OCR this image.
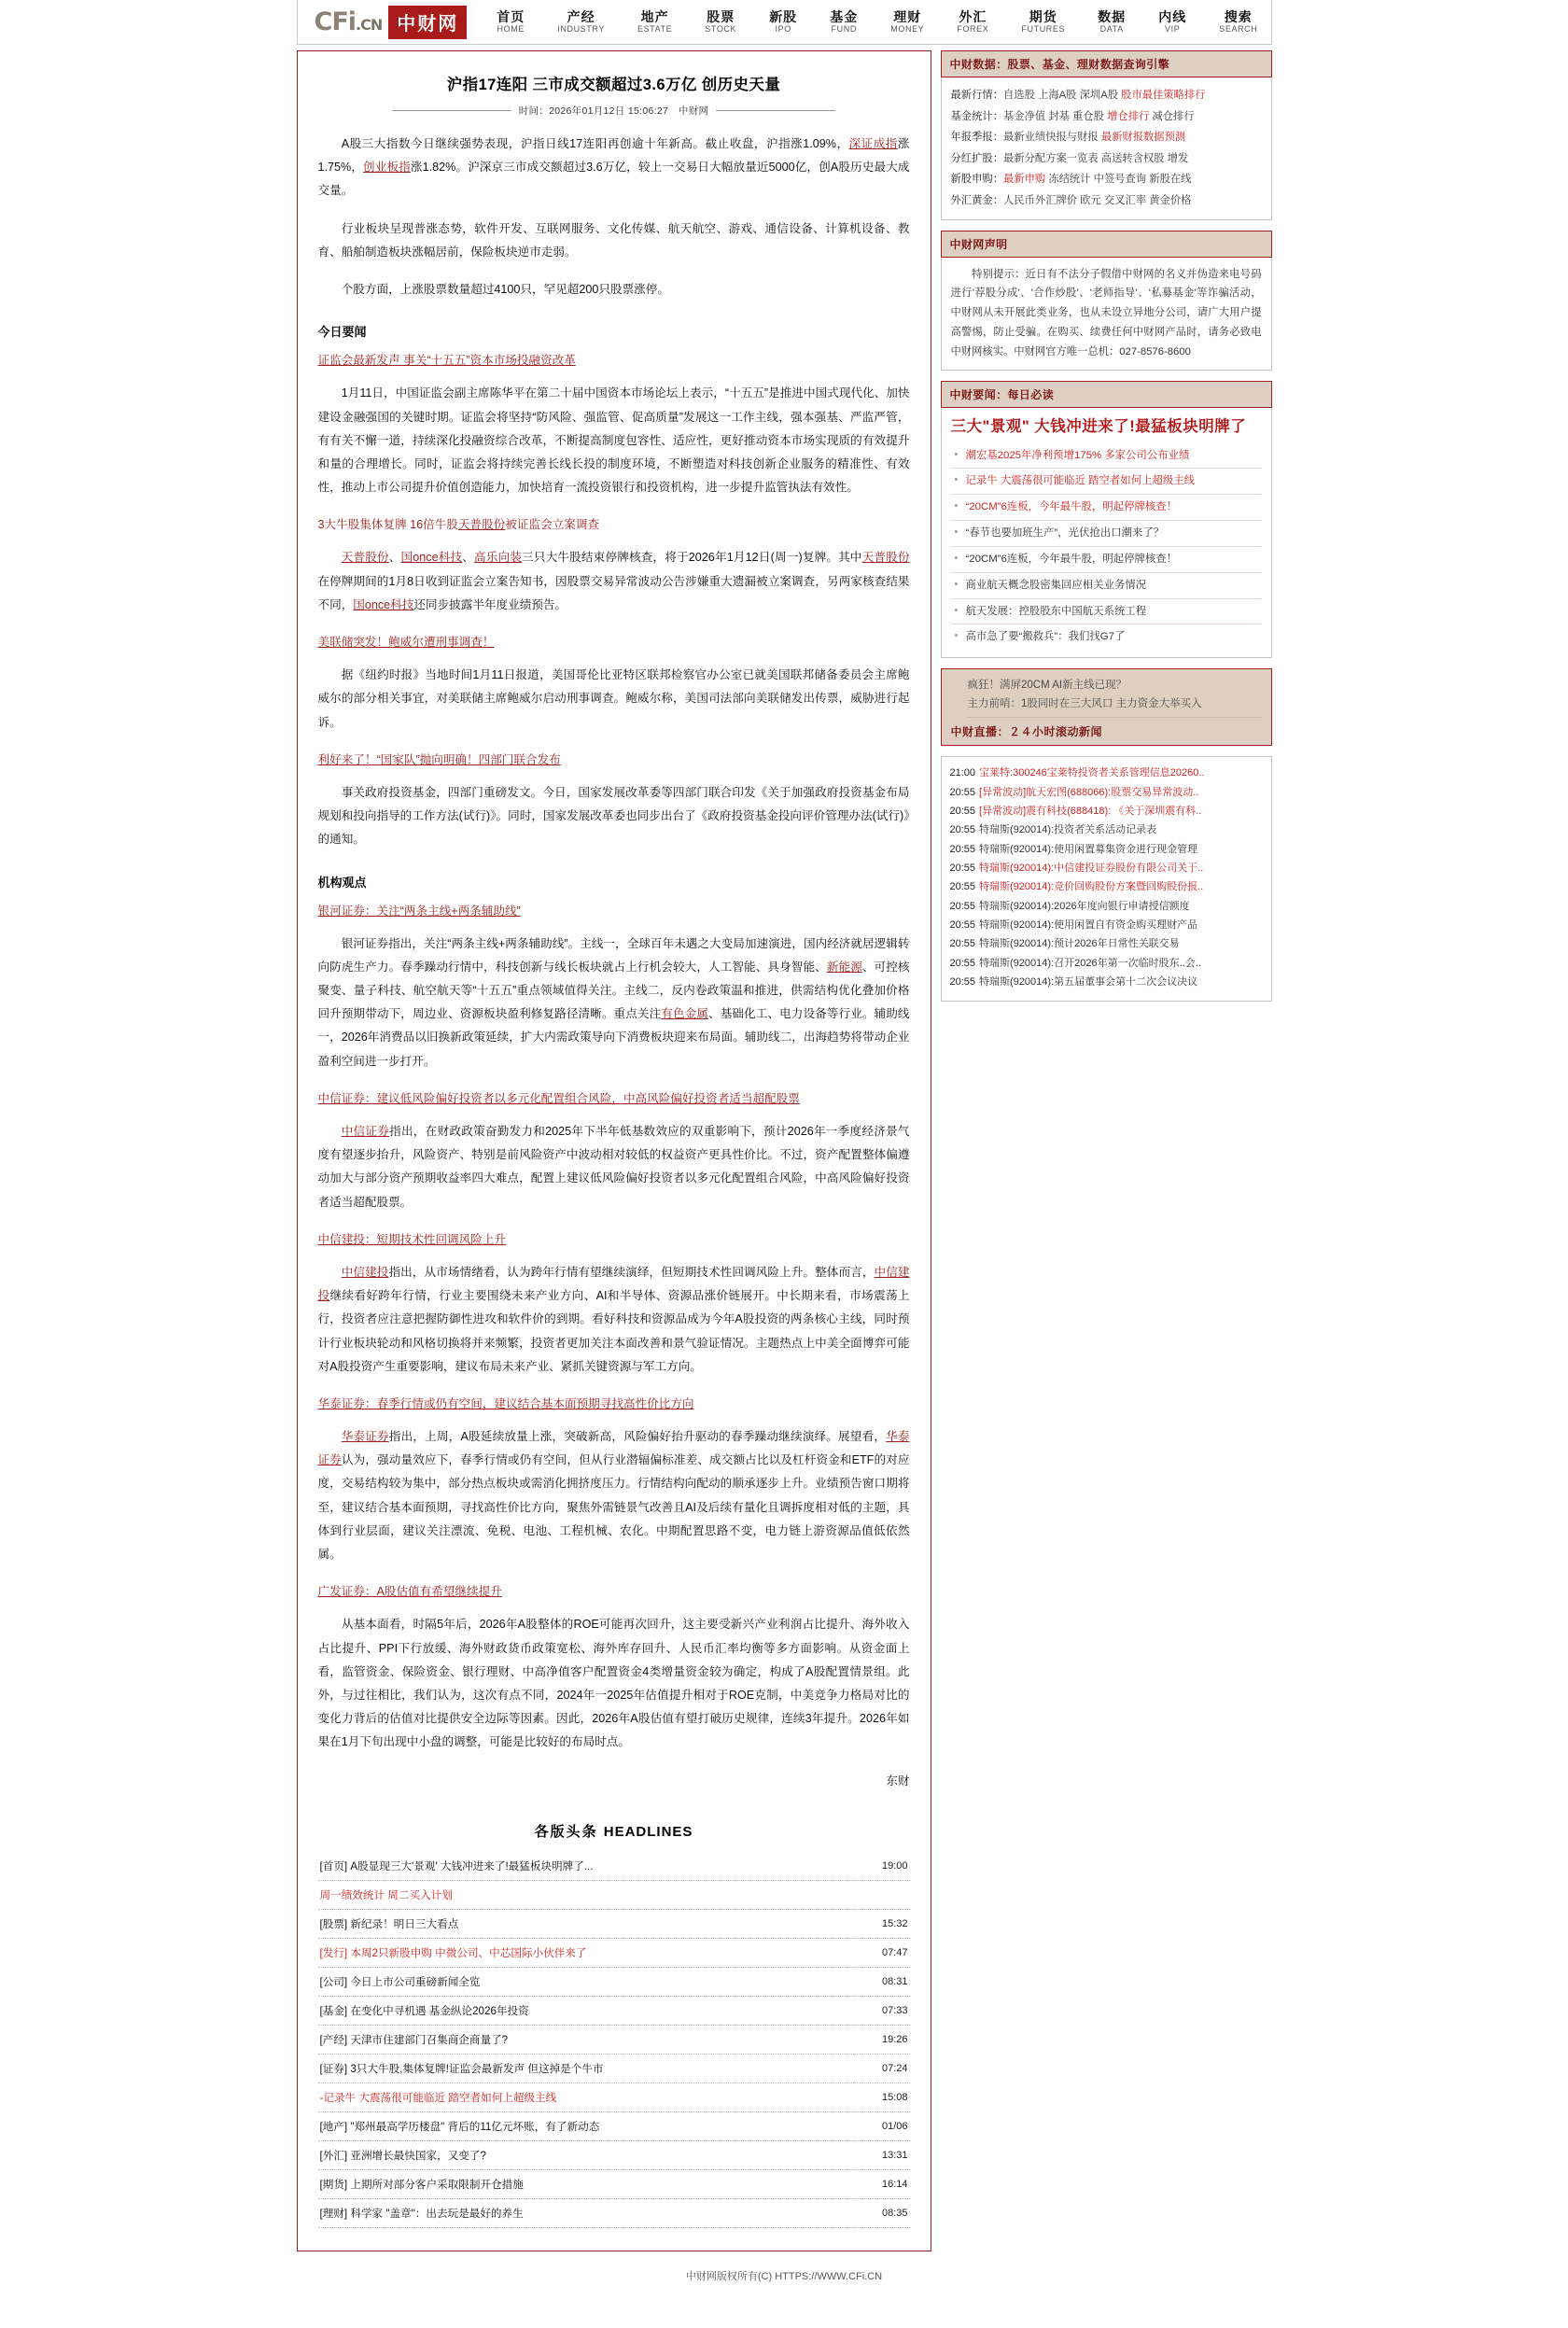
CFi.CN 中财网	首页
HOME
产经
INDUSTRY
地产
ESTATE
股票
STOCK
新股
IPO
基金
FUND
理财
MONEY
外汇
FOREX
期货
FUTURES
数据
DATA
内线
VIP
搜索
SEARCH
沪指17连阳 三市成交额超过3.6万亿 创历史天量
时间：2026年01月12日 15:06:27　中财网

A股三大指数今日继续强势表现，沪指日线17连阳再创逾十年新高。截止收盘，沪指涨1.09%，深证成指涨1.75%，创业板指涨1.82%。沪深京三市成交额超过3.6万亿，较上一交易日大幅放量近5000亿，创A股历史最大成交量。

行业板块呈现普涨态势，软件开发、互联网服务、文化传媒、航天航空、游戏、通信设备、计算机设备、教育、船舶制造板块涨幅居前，保险板块逆市走弱。

个股方面，上涨股票数量超过4100只，罕见超200只股票涨停。

今日要闻

证监会最新发声 事关“十五五”资本市场投融资改革

1月11日，中国证监会副主席陈华平在第二十届中国资本市场论坛上表示，“十五五”是推进中国式现代化、加快建设金融强国的关键时期。证监会将坚持“防风险、强监管、促高质量”发展这一工作主线，强本强基、严监严管，有有关不懈一道，持续深化投融资综合改革，不断提高制度包容性、适应性，更好推动资本市场实现质的有效提升和量的合理增长。同时，证监会将持续完善长线长投的制度环境，不断塑造对科技创新企业服务的精准性、有效性，推动上市公司提升价值创造能力，加快培育一流投资银行和投资机构，进一步提升监管执法有效性。

3大牛股集体复牌 16倍牛股天普股份被证监会立案调查

天普股份、国once科技、高乐向装三只大牛股结束停牌核查，将于2026年1月12日(周一)复牌。其中天普股份在停牌期间的1月8日收到证监会立案告知书，因股票交易异常波动公告涉嫌重大遗漏被立案调查，另两家核查结果不同，国once科技还同步披露半年度业绩预告。

美联储突发！鲍威尔遭刑事调查！

据《纽约时报》当地时间1月11日报道，美国哥伦比亚特区联邦检察官办公室已就美国联邦储备委员会主席鲍威尔的部分相关事宜，对美联储主席鲍威尔启动刑事调查。鲍威尔称，美国司法部向美联储发出传票，威胁进行起诉。

利好来了！“国家队”抛向明确！四部门联合发布

事关政府投资基金，四部门重磅发文。今日，国家发展改革委等四部门联合印发《关于加强政府投资基金布局规划和投向指导的工作方法(试行)》。同时，国家发展改革委也同步出台了《政府投资基金投向评价管理办法(试行)》的通知。

机构观点

银河证券：关注“两条主线+两条辅助线”

银河证券指出，关注“两条主线+两条辅助线”。主线一，全球百年未遇之大变局加速演进，国内经济就居逻辑转向防虎生产力。春季躁动行情中，科技创新与线长板块就占上行机会较大，人工智能、具身智能、新能源、可控核聚变、量子科技、航空航天等“十五五”重点领域值得关注。主线二，反内卷政策温和推进，供需结构优化叠加价格回升预期带动下，周边业、资源板块盈利修复路径清晰。重点关注有色金属、基础化工、电力设备等行业。辅助线一，2026年消费品以旧换新政策延续，扩大内需政策导向下消费板块迎来布局面。辅助线二，出海趋势将带动企业盈利空间进一步打开。

中信证券：建议低风险偏好投资者以多元化配置组合风险，中高风险偏好投资者适当超配股票

中信证券指出，在财政政策奋勤发力和2025年下半年低基数效应的双重影响下，预计2026年一季度经济景气度有望逐步抬升，风险资产、特别是前风险资产中波动相对较低的权益资产更具性价比。不过，资产配置整体偏遵动加大与部分资产预期收益率四大难点，配置上建议低风险偏好投资者以多元化配置组合风险，中高风险偏好投资者适当超配股票。

中信建投：短期技术性回调风险上升

中信建投指出，从市场情绪看，认为跨年行情有望继续演绎，但短期技术性回调风险上升。整体而言，中信建投继续看好跨年行情，行业主要围绕未来产业方向、AI和半导体、资源品涨价链展开。中长期来看，市场震荡上行，投资者应注意把握防御性进攻和软件价的到期。看好科技和资源品成为今年A股投资的两条核心主线，同时预计行业板块轮动和风格切换将并来频繁，投资者更加关注本面改善和景气验证情况。主题热点上中美全面博弈可能对A股投资产生重要影响，建议布局未来产业、紧抓关键资源与军工方向。

华泰证券：春季行情或仍有空间，建议结合基本面预期寻找高性价比方向

华泰证券指出，上周，A股延续放量上涨，突破新高，风险偏好抬升驱动的春季躁动继续演绎。展望看，华泰证券认为，强动量效应下，春季行情或仍有空间，但从行业潜辐偏标准差、成交额占比以及杠杆资金和ETF的对应度，交易结构较为集中，部分热点板块或需消化拥挤度压力。行情结构向配动的顺承逐步上升。业绩预告窗口期将至，建议结合基本面预期，寻找高性价比方向，聚焦外需链景气改善且AI及后续有量化且调拆度相对低的主题，具体到行业层面，建议关注漂流、免税、电池、工程机械、农化。中期配置思路不变，电力链上游资源品值低依然属。

广发证券：A股估值有希望继续提升

从基本面看，时隔5年后，2026年A股整体的ROE可能再次回升，这主要受新兴产业利润占比提升、海外收入占比提升、PPI下行放缓、海外财政货币政策宽松、海外库存回升、人民币汇率均衡等多方面影响。从资金面上看，监管资金、保险资金、银行理财、中高净值客户配置资金4类增量资金较为确定，构成了A股配置情景组。此外，与过往相比，我们认为，这次有点不同，2024年一2025年估值提升相对于ROE克制，中美竞争力格局对比的变化力背后的估值对比提供安全边际等因素。因此，2026年A股估值有望打破历史规律，连续3年提升。2026年如果在1月下旬出现中小盘的调整，可能是比较好的布局时点。

东财

各版头条 HEADLINES
[首页] A股显现三大'景观' 大钱冲进来了!最猛板块明牌了...	19:00
周一绩效统计 周二买入计划	
[股票] 新纪录！明日三大看点	15:32
[发行] 本周2只新股申购 中微公司、中芯国际小伙伴来了	07:47
[公司] 今日上市公司重磅新闻全览	08:31
[基金] 在变化中寻机遇 基金纵论2026年投资	07:33
[产经] 天津市住建部门召集商企商量了?	19:26
[证券] 3只大牛股,集体复牌!证监会最新发声 但这掉是个牛市	07:24
-记录牛 大震荡很可能临近 踏空者如何上超级主线	15:08
[地产] "郑州最高学历楼盘" 背后的11亿元坏账，有了新动态	01/06
[外汇] 亚洲增长最快国家，又变了?	13:31
[期货] 上期所对部分客户采取限制开仓措施	16:14
[理财] 科学家 "盖章"：出去玩是最好的养生	08:35
中财数据：股票、基金、理财数据查询引擎
最新行情：自选股 上海A股 深圳A股 股市最佳策略排行
基金统计：基金净值 封基 重仓股 增仓排行 减仓排行
年报季报：最新业绩快报与财报 最新财报数据预测
分红扩股：最新分配方案一览表 高送转含权股 增发
新股申购：最新申购 冻结统计 中签号查询 新股在线
外汇黄金：人民币外汇牌价 欧元 交叉汇率 黄金价格
中财网声明
特别提示：近日有不法分子假借中财网的名义并伪造来电号码进行'荐股分成'、'合作炒股'、'老师指导'、'私募基金'等诈骗活动，中财网从未开展此类业务，也从未设立异地分公司，请广大用户提高警惕，防止受骗。在购买、续费任何中财网产品时，请务必致电中财网核实。中财网官方唯一总机：027-8576-8600
中财要闻：每日必读
三大"景观" 大钱冲进来了!最猛板块明牌了
• 潮宏基2025年净利预增175% 多家公司公布业绩
• 记录牛 大震荡很可能临近 踏空者如何上超级主线
• “20CM”6连板，今年最牛股，明起停牌核查！
• “春节也要加班生产”，光伏抢出口潮来了？
• “20CM”6连板，今年最牛股，明起停牌核查！
• 商业航天概念股密集回应相关业务情况
• 航天发展：控股股东中国航天系统工程
• 高市急了要“搬救兵”：我们找G7了
疯狂！满屏20CM AI新主线已现？
主力前哨：1股同时在三大风口 主力资金大举买入
中财直播：２４小时滚动新闻
21:00 宝莱特:300246宝莱特投资者关系管理信息20260..
20:55 [异常波动]航天宏图(688066):股票交易异常波动..
20:55 [异常波动]震有科技(688418): 《关于深圳震有科..
20:55 特瑞斯(920014):投资者关系活动记录表
20:55 特瑞斯(920014):使用闲置募集资金进行现金管理
20:55 特瑞斯(920014):中信建投证券股份有限公司关于..
20:55 特瑞斯(920014):竞价回购股份方案暨回购股份报..
20:55 特瑞斯(920014):2026年度向银行申请授信额度
20:55 特瑞斯(920014):使用闲置自有资金购买理财产品
20:55 特瑞斯(920014):预计2026年日常性关联交易
20:55 特瑞斯(920014):召开2026年第一次临时股东..会..
20:55 特瑞斯(920014):第五届董事会第十二次会议决议
中财网版权所有(C) HTTPS://WWW.CFi.CN
